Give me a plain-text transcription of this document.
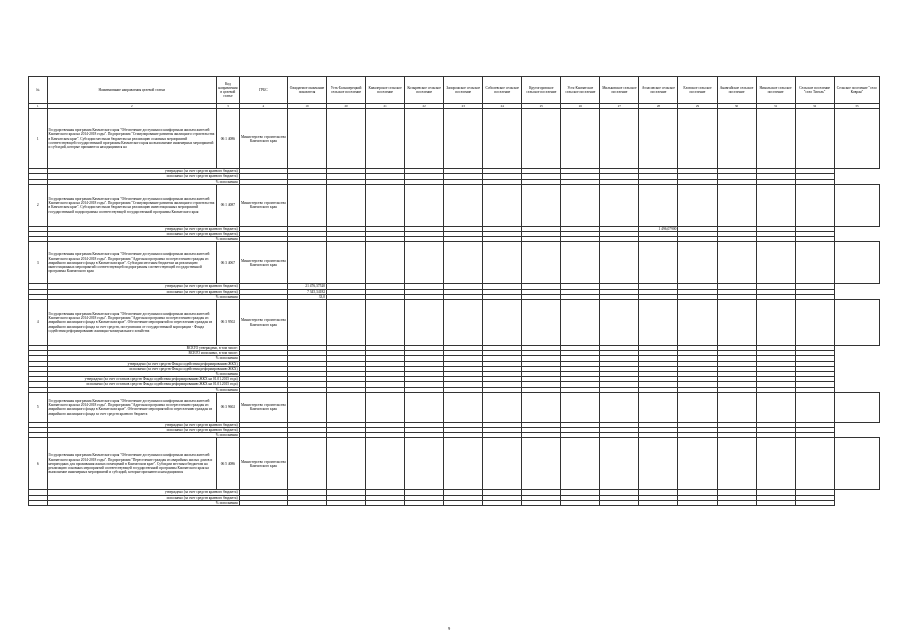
№	Наименование направления целевой статьи	Код направления в целевой статье	ГРБС	Ожидаемое окончание показателя	Усть-Большерецкий сельское поселение	Кавалерское сельское поселение	Козыревское сельское поселение	Запорожское сельское поселение	Соболевское сельское поселение	Крутогоровское сельское поселение	Усть-Камчатское сельское поселение	Мильковское сельское поселение	Атласовское сельское поселение	Еловское сельское поселение	Анавгайское сельское поселение	Никольское сельское поселение	Сельское поселение "село Тигиль"	Сельское поселение "село Ковран"
1	2	3	4	19	20	21	22	23	24	25	26	27	28	29	30	31	32	33
1	Государственная программа Камчатского края "Обеспечение доступным и комфортным жильем жителей Камчатского края на 2014-2018 годы". Подпрограмма "Стимулирование развития жилищного строительства в Камчатском крае". Субсидии местным бюджетам на реализацию основных мероприятий соответствующей государственной программы Камчатского края на выполнение инженерных мероприятий и субсидий, которые признаются находящимися на	06 1 4086	Министерство строительства Камчатского края															
	утверждено (за счет средств краевого бюджета)																	
	исполнено (за счет средств краевого бюджета)																	
	% исполнения																	
2	Государственная программа Камчатского края "Обеспечение доступным и комфортным жильем жителей Камчатского края на 2014-2018 годы". Подпрограмма "Стимулирование развития жилищного строительства в Камчатском крае". Субсидии местным бюджетам на реализацию инвестиционных мероприятий государственной подпрограммы соответствующей государственной программы Камчатского края	06 1 4087	Министерство строительства Камчатского края															
	утверждено (за счет средств краевого бюджета)												1 496,07900					
	исполнено (за счет средств краевого бюджета)																	
	% исполнения																	
3	Государственная программа Камчатского края "Обеспечение доступным и комфортным жильем жителей Камчатского края на 2014-2018 годы". Подпрограмма "Адресная программа по переселению граждан из аварийного жилищного фонда в Камчатском крае". Субсидии местным бюджетам на реализацию инвестиционных мероприятий соответствующей подпрограммы соответствующей государственной программы Камчатского края	06 3 4067	Министерство строительства Камчатского края															
	утверждено (за счет средств краевого бюджета)			21 476,37520														
	исполнено (за счет средств краевого бюджета)			7 345,34182														
	% исполнения			33,0														
4	Государственная программа Камчатского края "Обеспечение доступным и комфортным жильем жителей Камчатского края на 2014-2018 годы". Подпрограмма "Адресная программа по переселению граждан из аварийного жилищного фонда в Камчатском крае". Обеспечение мероприятий по переселению граждан из аварийного жилищного фонда за счет средств, поступивших от государственной корпорации - Фонда содействия реформированию жилищно-коммунального хозяйства	06 3 9502	Министерство строительства Камчатского края															
	ВСЕГО утверждено, в том числе:																	
	ВСЕГО исполнено, в том числе:																	
	% исполнения																	
	утверждено (за счет средств Фонда содействия реформированию ЖКХ)																	
	исполнено (за счет средств Фонда содействия реформированию ЖКХ)																	
	% исполнения																	
	утверждено (за счет остатков средств Фонда содействия реформированию ЖКХ на 01.01.2015 года)																	
	исполнено (за счет остатков средств Фонда содействия реформированию ЖКХ на 01.01.2015 года)																	
	% исполнения																	
5	Государственная программа Камчатского края "Обеспечение доступным и комфортным жильем жителей Камчатского края на 2014-2018 годы". Подпрограмма "Адресная программа по переселению граждан из аварийного жилищного фонда в Камчатском крае". Обеспечение мероприятий по переселению граждан из аварийного жилищного фонда за счет средств краевого бюджета	06 3 9602	Министерство строительства Камчатского края															
	утверждено (за счет средств краевого бюджета)																	
	исполнено (за счет средств краевого бюджета)																	
	% исполнения																	
6	Государственная программа Камчатского края "Обеспечение доступным и комфортным жильем жителей Камчатского края на 2014-2018 годы". Подпрограмма "Переселение граждан из аварийных жилых домов и непригодных для проживания жилых помещений в Камчатском крае". Субсидии местным бюджетам на реализацию основных мероприятий соответствующей государственной программы Камчатского края на выполнение инженерных мероприятий и субсидий, которые признаются находящимися	06 5 4086	Министерство строительства Камчатского края															
	утверждено (за счет средств краевого бюджета)																	
	исполнено (за счет средств краевого бюджета)																	
	% исполнения																	
9
